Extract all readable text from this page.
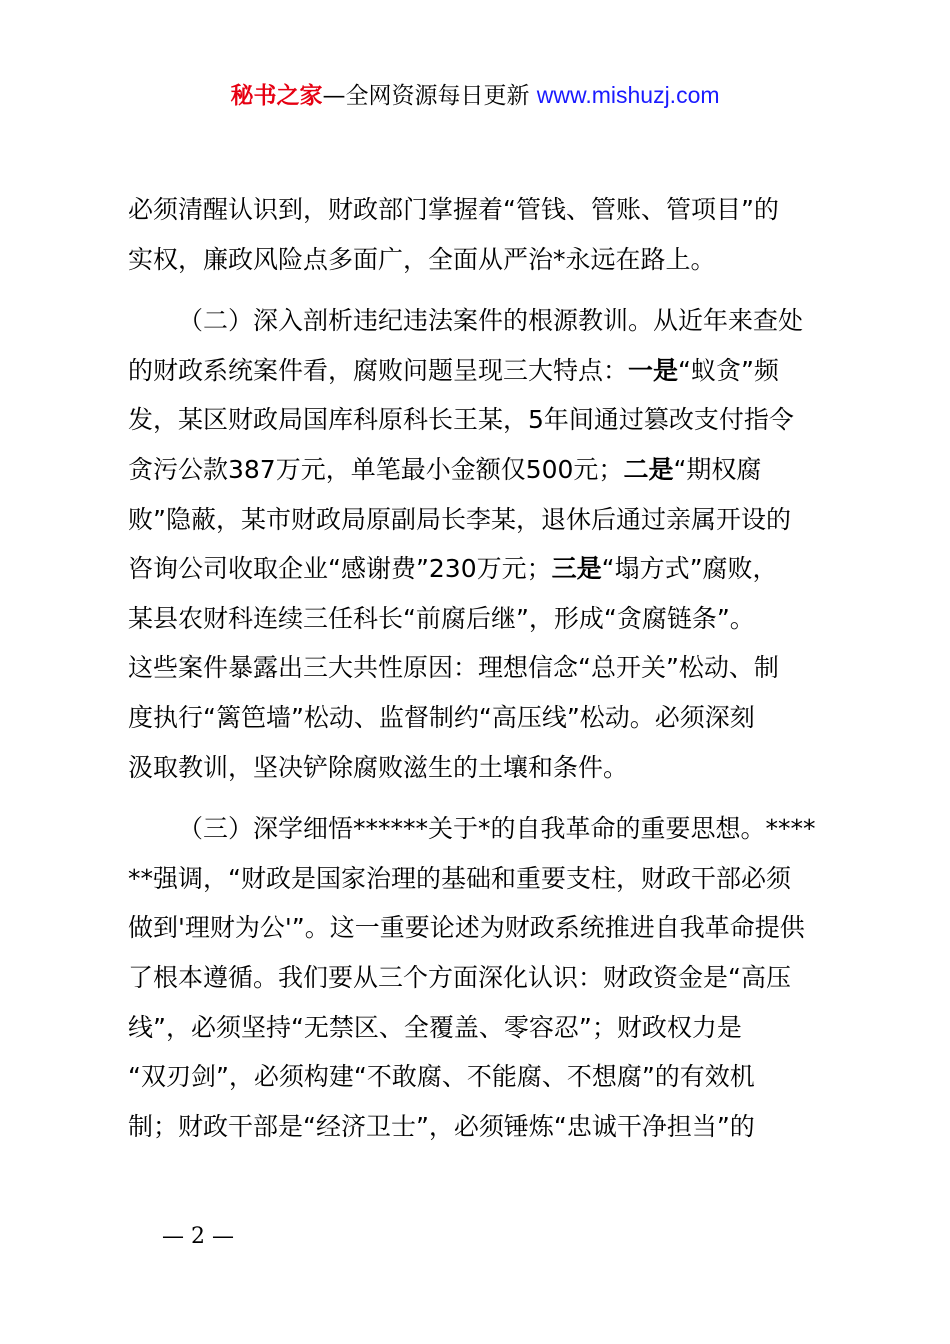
秘书之家—全网资源每日更新 www.mishuzj.com

必须清醒认识到，财政部门掌握着“管钱、管账、管项目”的
实权，廉政风险点多面广，全面从严治*永远在路上。

（二）深入剖析违纪违法案件的根源教训。从近年来查处
的财政系统案件看，腐败问题呈现三大特点：一是“蚁贪”频
发，某区财政局国库科原科长王某，5年间通过篡改支付指令
贪污公款387万元，单笔最小金额仅500元；二是“期权腐
败”隐蔽，某市财政局原副局长李某，退休后通过亲属开设的
咨询公司收取企业“感谢费”230万元；三是“塌方式”腐败，
某县农财科连续三任科长“前腐后继”，形成“贪腐链条”。
这些案件暴露出三大共性原因：理想信念“总开关”松动、制
度执行“篱笆墙”松动、监督制约“高压线”松动。必须深刻
汲取教训，坚决铲除腐败滋生的土壤和条件。

（三）深学细悟******关于*的自我革命的重要思想。****
**强调，“财政是国家治理的基础和重要支柱，财政干部必须
做到'理财为公'”。这一重要论述为财政系统推进自我革命提供
了根本遵循。我们要从三个方面深化认识：财政资金是“高压
线”，必须坚持“无禁区、全覆盖、零容忍”；财政权力是
“双刃剑”，必须构建“不敢腐、不能腐、不想腐”的有效机
制；财政干部是“经济卫士”，必须锤炼“忠诚干净担当”的

— 2 —
